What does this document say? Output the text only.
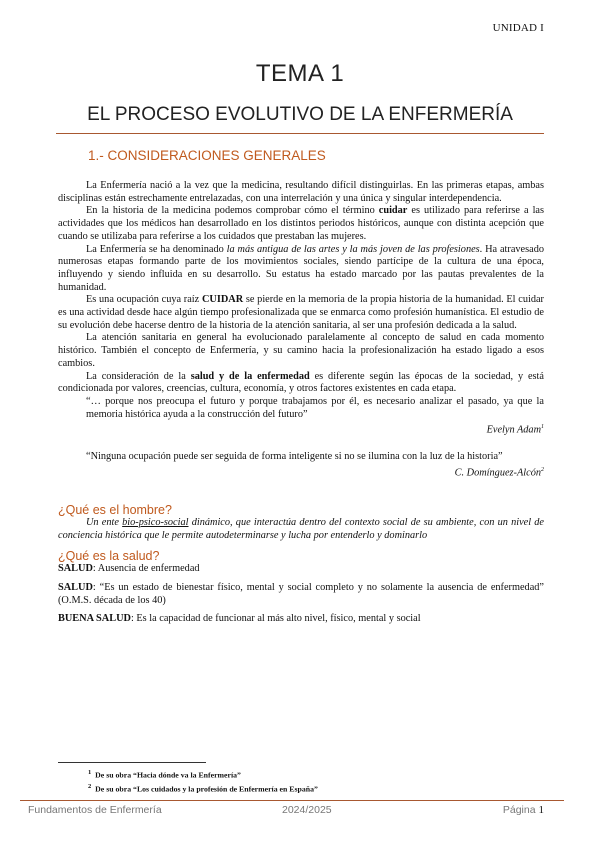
UNIDAD I
TEMA 1
EL PROCESO EVOLUTIVO DE LA ENFERMERÍA
1.- CONSIDERACIONES GENERALES

La Enfermería nació a la vez que la medicina, resultando difícil distinguirlas. En las primeras etapas, ambas disciplinas están estrechamente entrelazadas, con una interrelación y una única y singular interdependencia.

En la historia de la medicina podemos comprobar cómo el término cuidar es utilizado para referirse a las actividades que los médicos han desarrollado en los distintos periodos históricos, aunque con distinta acepción que cuando se utilizaba para referirse a los cuidados que prestaban las mujeres.

La Enfermería se ha denominado la más antigua de las artes y la más joven de las profesiones. Ha atravesado numerosas etapas formando parte de los movimientos sociales, siendo partícipe de la cultura de una época, influyendo y siendo influida en su desarrollo. Su estatus ha estado marcado por las pautas prevalentes de la humanidad.

Es una ocupación cuya raíz CUIDAR se pierde en la memoria de la propia historia de la humanidad. El cuidar es una actividad desde hace algún tiempo profesionalizada que se enmarca como profesión humanística. El estudio de su evolución debe hacerse dentro de la historia de la atención sanitaria, al ser una profesión dedicada a la salud.

La atención sanitaria en general ha evolucionado paralelamente al concepto de salud en cada momento histórico. También el concepto de Enfermería, y su camino hacia la profesionalización ha estado ligado a esos cambios.

La consideración de la salud y de la enfermedad es diferente según las épocas de la sociedad, y está condicionada por valores, creencias, cultura, economía, y otros factores existentes en cada etapa.

“… porque nos preocupa el futuro y porque trabajamos por él, es necesario analizar el pasado, ya que la memoria histórica ayuda a la construcción del futuro”

Evelyn Adam$^1$

“Ninguna ocupación puede ser seguida de forma inteligente si no se ilumina con la luz de la historia”

C. Domínguez-Alcón$^2$

¿Qué es el hombre?

Un ente bio-psico-social dinámico, que interactúa dentro del contexto social de su ambiente, con un nivel de conciencia histórica que le permite autodeterminarse y lucha por entenderlo y dominarlo

¿Qué es la salud?

SALUD: Ausencia de enfermedad

SALUD: “Es un estado de bienestar físico, mental y social completo y no solamente la ausencia de enfermedad” (O.M.S. década de los 40)

BUENA SALUD: Es la capacidad de funcionar al más alto nivel, físico, mental y social

$^1$ De su obra “Hacia dónde va la Enfermería”
$^2$ De su obra “Los cuidados y la profesión de Enfermería en España”
Fundamentos de Enfermería	2024/2025	Página 1
